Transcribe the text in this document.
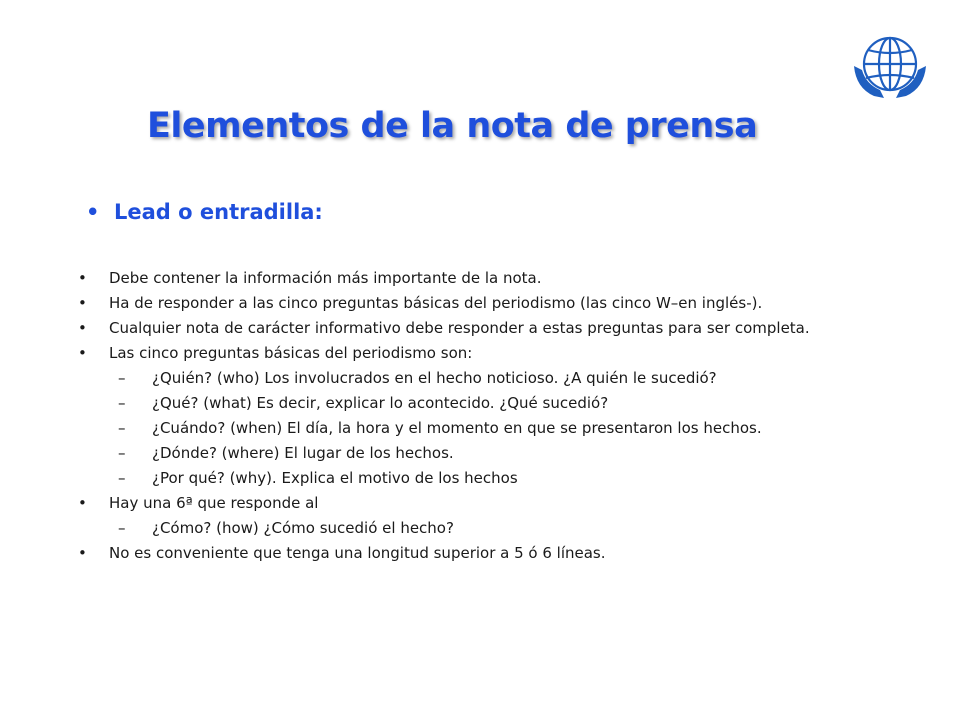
Elementos de la nota de prensa
• Lead o entradilla:
• Debe contener la información más importante de la nota.
• Ha de responder a las cinco preguntas básicas del periodismo (las cinco W–en inglés-).
• Cualquier nota de carácter informativo debe responder a estas preguntas para ser completa.
• Las cinco preguntas básicas del periodismo son:
– ¿Quién? (who) Los involucrados en el hecho noticioso. ¿A quién le sucedió?
– ¿Qué? (what) Es decir, explicar lo acontecido. ¿Qué sucedió?
– ¿Cuándo? (when) El día, la hora y el momento en que se presentaron los hechos.
– ¿Dónde? (where) El lugar de los hechos.
– ¿Por qué? (why). Explica el motivo de los hechos
• Hay una 6ª que responde al
– ¿Cómo? (how) ¿Cómo sucedió el hecho?
• No es conveniente que tenga una longitud superior a 5 ó 6 líneas.
